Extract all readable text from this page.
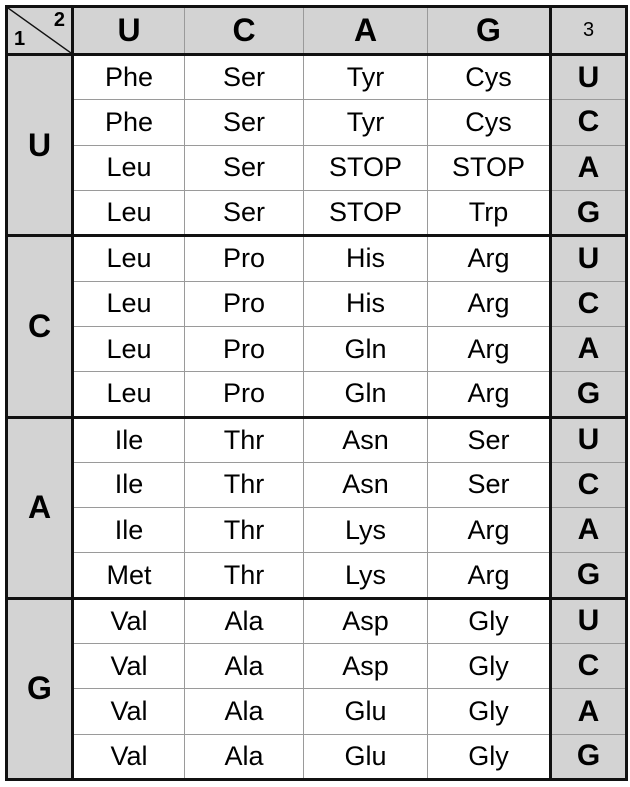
1
2	U	C	A	G	3
U	Phe	Ser	Tyr	Cys	U
	Phe	Ser	Tyr	Cys	C
	Leu	Ser	STOP	STOP	A
	Leu	Ser	STOP	Trp	G
C	Leu	Pro	His	Arg	U
	Leu	Pro	His	Arg	C
	Leu	Pro	Gln	Arg	A
	Leu	Pro	Gln	Arg	G
A	Ile	Thr	Asn	Ser	U
	Ile	Thr	Asn	Ser	C
	Ile	Thr	Lys	Arg	A
	Met	Thr	Lys	Arg	G
G	Val	Ala	Asp	Gly	U
	Val	Ala	Asp	Gly	C
	Val	Ala	Glu	Gly	A
	Val	Ala	Glu	Gly	G
